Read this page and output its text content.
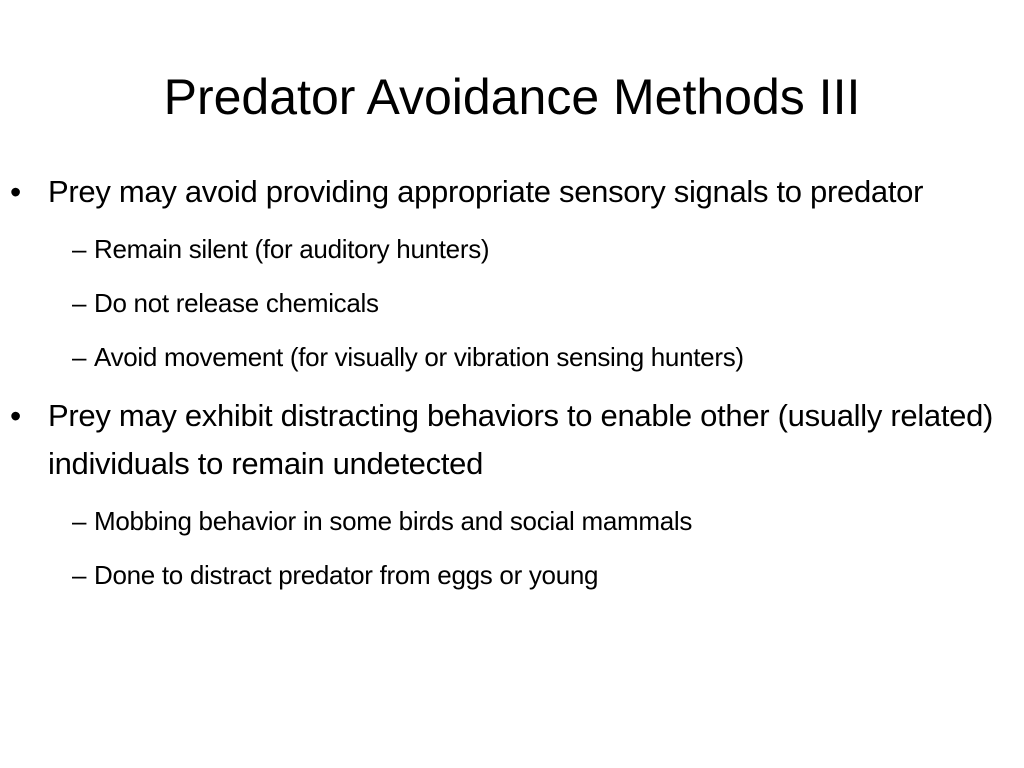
Predator Avoidance Methods III
• Prey may avoid providing appropriate sensory signals to predator
– Remain silent (for auditory hunters)
– Do not release chemicals
– Avoid movement (for visually or vibration sensing hunters)
• Prey may exhibit distracting behaviors to enable other (usually related) individuals to remain undetected
– Mobbing behavior in some birds and social mammals
– Done to distract predator from eggs or young
